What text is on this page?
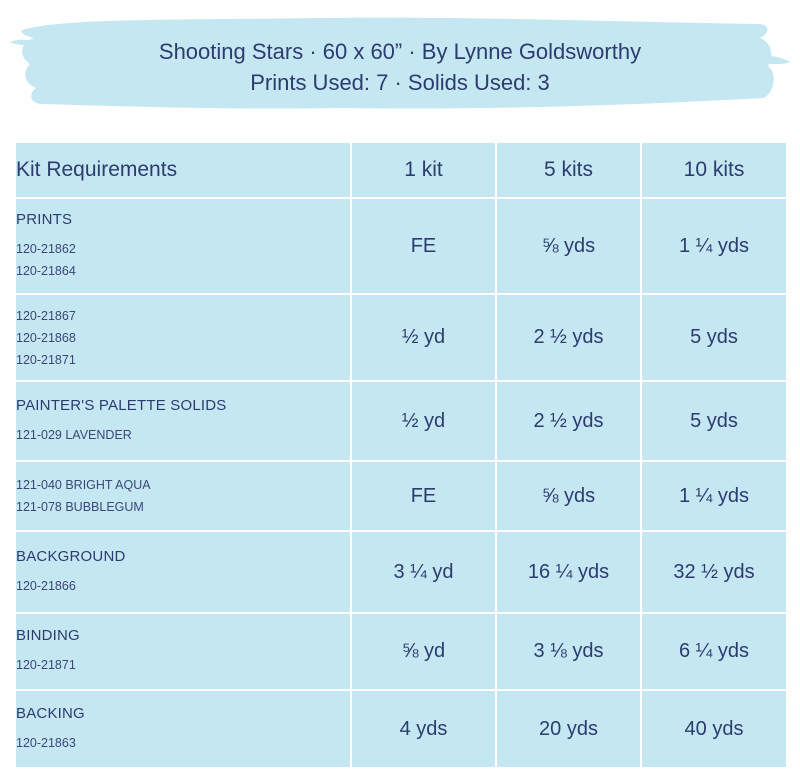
Shooting Stars · 60 x 60” · By Lynne Goldsworthy
Prints Used: 7 · Solids Used: 3
Kit Requirements	1 kit	5 kits	10 kits

PRINTS
120-21862
120-21864	FE	⅝ yds	1 ¼ yds

120-21867
120-21868
120-21871	½ yd	2 ½ yds	5 yds

PAINTER'S PALETTE SOLIDS
121-029 LAVENDER	½ yd	2 ½ yds	5 yds

121-040 BRIGHT AQUA
121-078 BUBBLEGUM	FE	⅝ yds	1 ¼ yds

BACKGROUND
120-21866	3 ¼ yd	16 ¼ yds	32 ½ yds

BINDING
120-21871	⅝ yd	3 ⅛ yds	6 ¼ yds

BACKING
120-21863	4 yds	20 yds	40 yds
